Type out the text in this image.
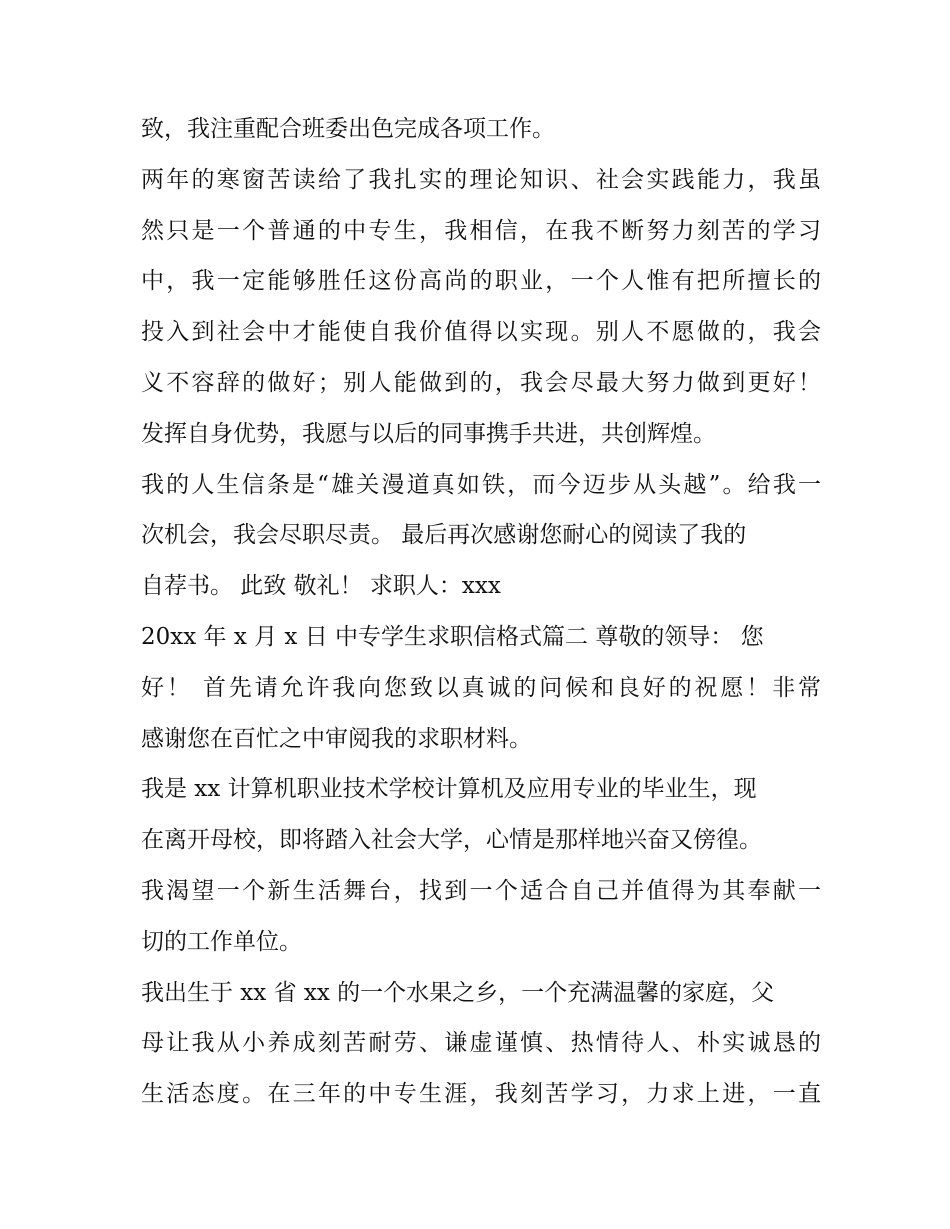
致，我注重配合班委出色完成各项工作。
两年的寒窗苦读给了我扎实的理论知识、社会实践能力，我虽
然只是一个普通的中专生，我相信，在我不断努力刻苦的学习
中，我一定能够胜任这份高尚的职业，一个人惟有把所擅长的
投入到社会中才能使自我价值得以实现。别人不愿做的，我会
义不容辞的做好；别人能做到的，我会尽最大努力做到更好！
发挥自身优势，我愿与以后的同事携手共进，共创辉煌。
我的人生信条是“雄关漫道真如铁，而今迈步从头越”。给我一
次机会，我会尽职尽责。 最后再次感谢您耐心的阅读了我的
自荐书。 此致 敬礼！ 求职人：xxx
20xx 年 x 月 x 日 中专学生求职信格式篇二 尊敬的领导： 您
好！ 首先请允许我向您致以真诚的问候和良好的祝愿！非常
感谢您在百忙之中审阅我的求职材料。
我是 xx 计算机职业技术学校计算机及应用专业的毕业生，现
在离开母校，即将踏入社会大学，心情是那样地兴奋又傍徨。
我渴望一个新生活舞台，找到一个适合自己并值得为其奉献一
切的工作单位。
我出生于 xx 省 xx 的一个水果之乡，一个充满温馨的家庭，父
母让我从小养成刻苦耐劳、谦虚谨慎、热情待人、朴实诚恳的
生活态度。在三年的中专生涯，我刻苦学习，力求上进，一直
